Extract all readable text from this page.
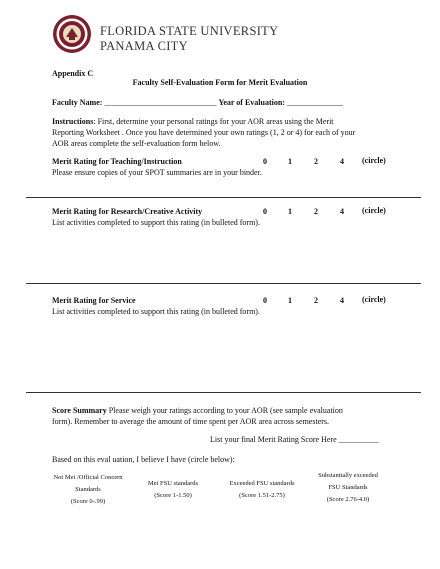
FLORIDA STATE UNIVERSITY
PANAMA CITY
Appendix C
Faculty Self-Evaluation Form for Merit Evaluation
Faculty Name: ____________________________ Year of Evaluation: ______________
Instructions: First, determine your personal ratings for your AOR areas using the Merit
Reporting Worksheet . Once you have determined your own ratings (1, 2 or 4) for each of your
AOR areas complete the self-evaluation form below.
Merit Rating for Teaching/Instruction	0	1	2	4 (circle)
Please ensure copies of your SPOT summaries are in your binder.
Merit Rating for Research/Creative Activity	0	1	2	4 (circle)
List activities completed to support this rating (in bulleted form).
Merit Rating for Service	0	1	2	4 (circle)
List activities completed to support this rating (in bulleted form).
Score Summary Please weigh your ratings according to your AOR (see sample evaluation
form). Remember to average the amount of time spent per AOR area across semesters.
List your final Merit Rating Score Here __________
Based on this eval uation, I believe I have (circle below):
Not Met /Official Concern
Standards
(Score 0-.99)
Met FSU standards
(Score 1-1.50)
Exceeded FSU standards
(Score 1.51-2.75)
Substantially exceeded
FSU Standards
(Score 2.76-4.0)
